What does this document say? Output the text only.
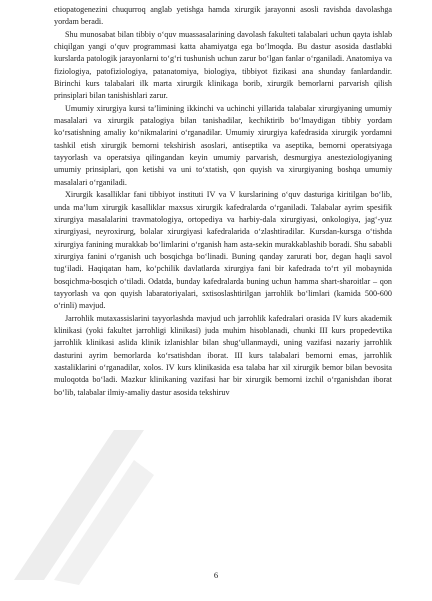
etiopatogenezini chuqurroq anglab yetishga hamda xirurgik jarayonni asosli ravishda davolashga yordam beradi.

Shu munosabat bilan tibbiy o‘quv muassasalarining davolash fakulteti talabalari uchun qayta ishlab chiqilgan yangi o‘quv programmasi katta ahamiyatga ega bo‘lmoqda. Bu dastur asosida dastlabki kurslarda patologik jarayonlarni to‘g‘ri tushunish uchun zarur bo‘lgan fanlar o‘rganiladi. Anatomiya va fiziologiya, patofiziologiya, patanatomiya, biologiya, tibbiyot fizikasi ana shunday fanlardandir. Birinchi kurs talabalari ilk marta xirurgik klinikaga borib, xirurgik bemorlarni parvarish qilish prinsiplari bilan tanishishlari zarur.

Umumiy xirurgiya kursi ta’limining ikkinchi va uchinchi yillarida talabalar xirurgiyaning umumiy masalalari va xirurgik patalogiya bilan tanishadilar, kechiktirib bo‘lmaydigan tibbiy yordam ko‘rsatishning amaliy ko‘nikmalarini o‘rganadilar. Umumiy xirurgiya kafedrasida xirurgik yordamni tashkil etish xirurgik bemorni tekshirish asoslari, antiseptika va aseptika, bemorni operatsiyaga tayyorlash va operatsiya qilingandan keyin umumiy parvarish, desmurgiya anesteziologiyaning umumiy prinsiplari, qon ketishi va uni to‘xtatish, qon quyish va xirurgiyaning boshqa umumiy masalalari o‘rganiladi.

Xirurgik kasalliklar fani tibbiyot instituti IV va V kurslarining o‘quv dasturiga kiritilgan bo‘lib, unda ma’lum xirurgik kasalliklar maxsus xirurgik kafedralarda o‘rganiladi. Talabalar ayrim spesifik xirurgiya masalalarini travmatologiya, ortopediya va harbiy-dala xirurgiyasi, onkologiya, jag‘-yuz xirurgiyasi, neyroxirurg, bolalar xirurgiyasi kafedralarida o‘zlashtiradilar. Kursdan-kursga o‘tishda xirurgiya fanining murakkab bo‘limlarini o‘rganish ham asta-sekin murakkablashib boradi. Shu sababli xirurgiya fanini o‘rganish uch bosqichga bo‘linadi. Buning qanday zarurati bor, degan haqli savol tug‘iladi. Haqiqatan ham, ko‘pchilik davlatlarda xirurgiya fani bir kafedrada to‘rt yil mobaynida bosqichma-bosqich o‘tiladi. Odatda, bunday kafedralarda buning uchun hamma shart-sharoitlar – qon tayyorlash va qon quyish labaratoriyalari, sxtisoslashtirilgan jarrohlik bo‘limlari (kamida 500-600 o‘rinli) mavjud.

Jarrohlik mutaxassislarini tayyorlashda mavjud uch jarrohlik kafedralari orasida IV kurs akademik klinikasi (yoki fakultet jarrohligi klinikasi) juda muhim hisoblanadi, chunki III kurs propedevtika jarrohlik klinikasi aslida klinik izlanishlar bilan shug‘ullanmaydi, uning vazifasi nazariy jarrohlik dasturini ayrim bemorlarda ko‘rsatishdan iborat. III kurs talabalari bemorni emas, jarrohlik xastaliklarini o‘rganadilar, xolos. IV kurs klinikasida esa talaba har xil xirurgik bemor bilan bevosita muloqotda bo‘ladi. Mazkur klinikaning vazifasi har bir xirurgik bemorni izchil o‘rganishdan iborat bo‘lib, talabalar ilmiy-amaliy dastur asosida tekshiruv

6
